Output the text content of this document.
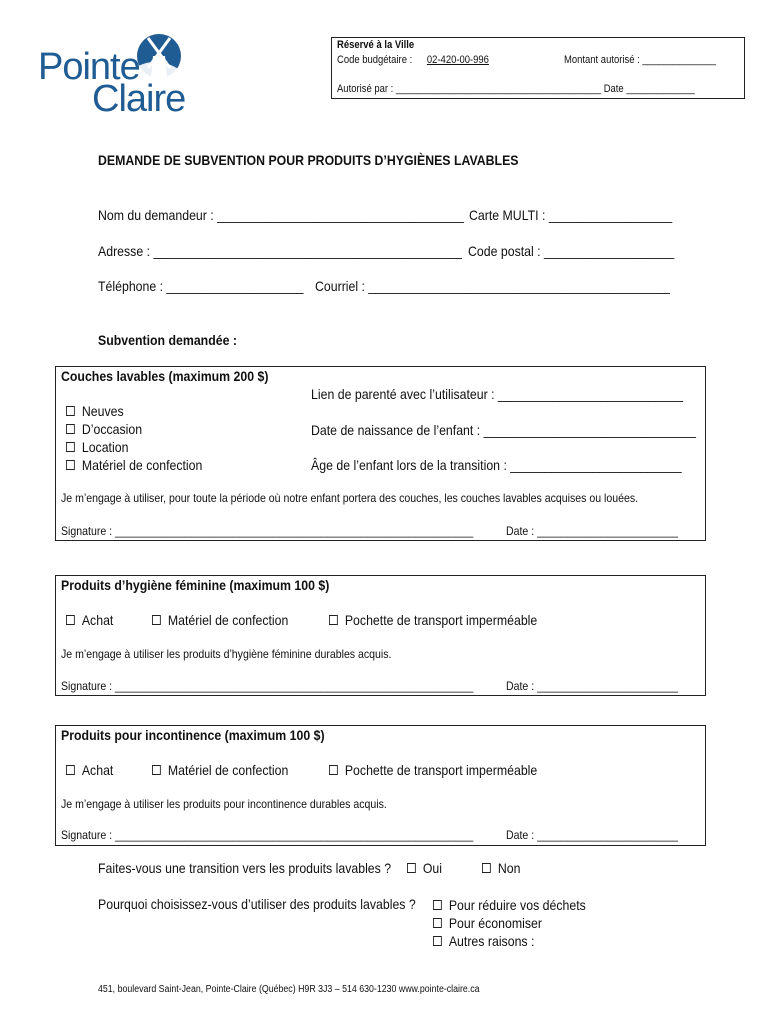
Pointe
Claire
Réservé à la Ville
Code budgétaire : 02-420-00-996	Montant autorisé : ______________
Autorisé par : _______________________________________ Date _____________
DEMANDE DE SUBVENTION POUR PRODUITS D’HYGIÈNES LAVABLES
Nom du demandeur : ____________________________________ Carte MULTI : __________________
Adresse : _____________________________________________ Code postal : ___________________
Téléphone : ____________________ Courriel : ____________________________________________
Subvention demandée :
Couches lavables (maximum 200 $)
Lien de parenté avec l’utilisateur : ___________________________
Neuves
D’occasion
Location
Matériel de confection
Date de naissance de l’enfant : _______________________________
Âge de l’enfant lors de la transition : _________________________
Je m’engage à utiliser, pour toute la période où notre enfant portera des couches, les couches lavables acquises ou louées.
Signature : _____________________________________________________________	Date : ________________________
Produits d’hygiène féminine (maximum 100 $)
Achat	Matériel de confection	Pochette de transport imperméable
Je m’engage à utiliser les produits d’hygiène féminine durables acquis.
Signature : _____________________________________________________________	Date : ________________________
Produits pour incontinence (maximum 100 $)
Achat	Matériel de confection	Pochette de transport imperméable
Je m’engage à utiliser les produits pour incontinence durables acquis.
Signature : _____________________________________________________________	Date : ________________________
Faites-vous une transition vers les produits lavables ? Oui	Non
Pourquoi choisissez-vous d’utiliser des produits lavables ? Pour réduire vos déchets
Pour économiser
Autres raisons :
451, boulevard Saint-Jean, Pointe-Claire (Québec) H9R 3J3 – 514 630-1230 www.pointe-claire.ca
